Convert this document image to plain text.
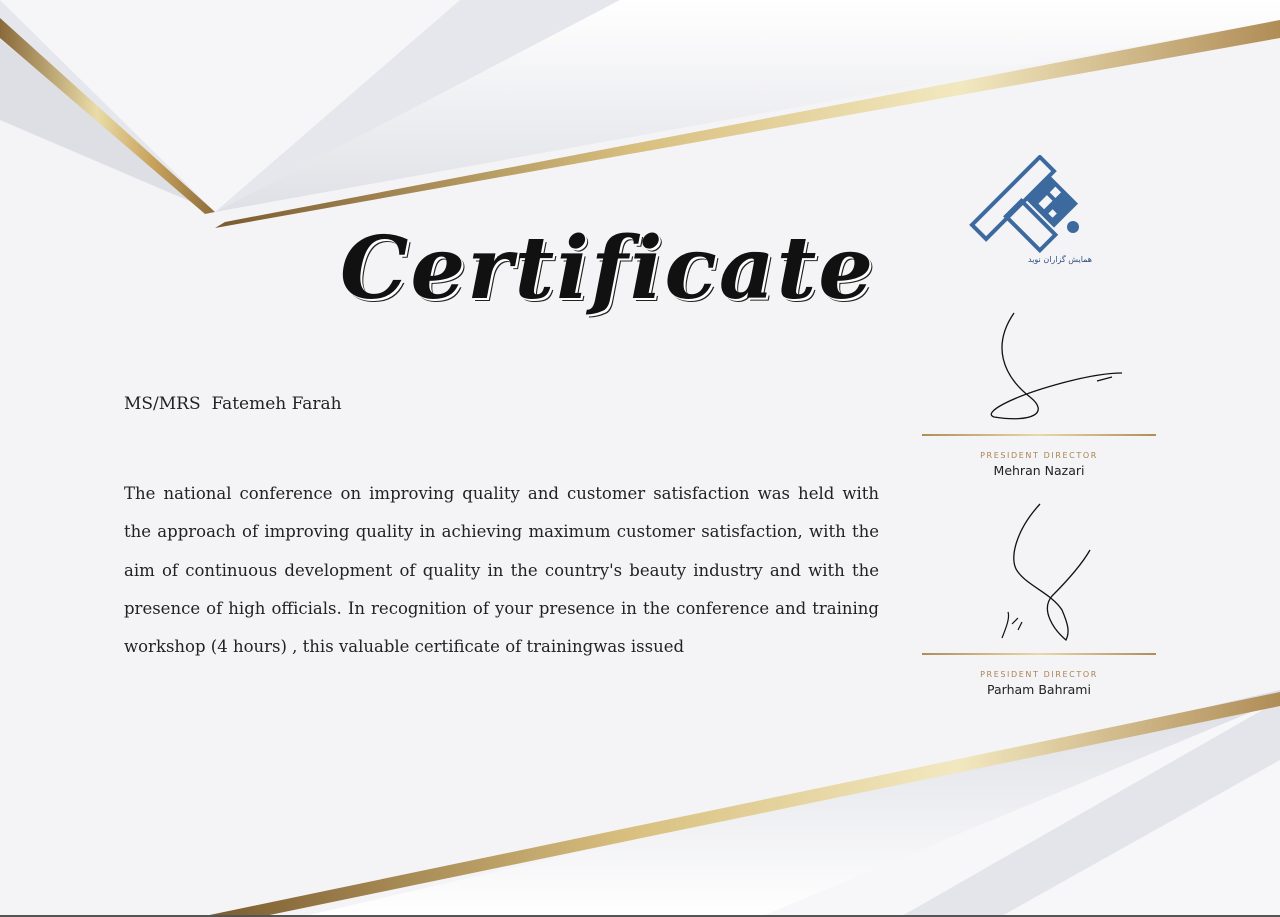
Certificate
MS/MRS  Fatemeh Farah
The national conference on improving quality and customer satisfaction was held with the approach of improving quality in achieving maximum customer satisfaction, with the aim of continuous development of quality in the country's beauty industry and with the presence of high officials. In recognition of your presence in the conference and training workshop (4 hours) , this valuable certificate of trainingwas issued
همایش گزاران نوید
PRESIDENT DIRECTOR
Mehran Nazari
PRESIDENT DIRECTOR
Parham Bahrami
